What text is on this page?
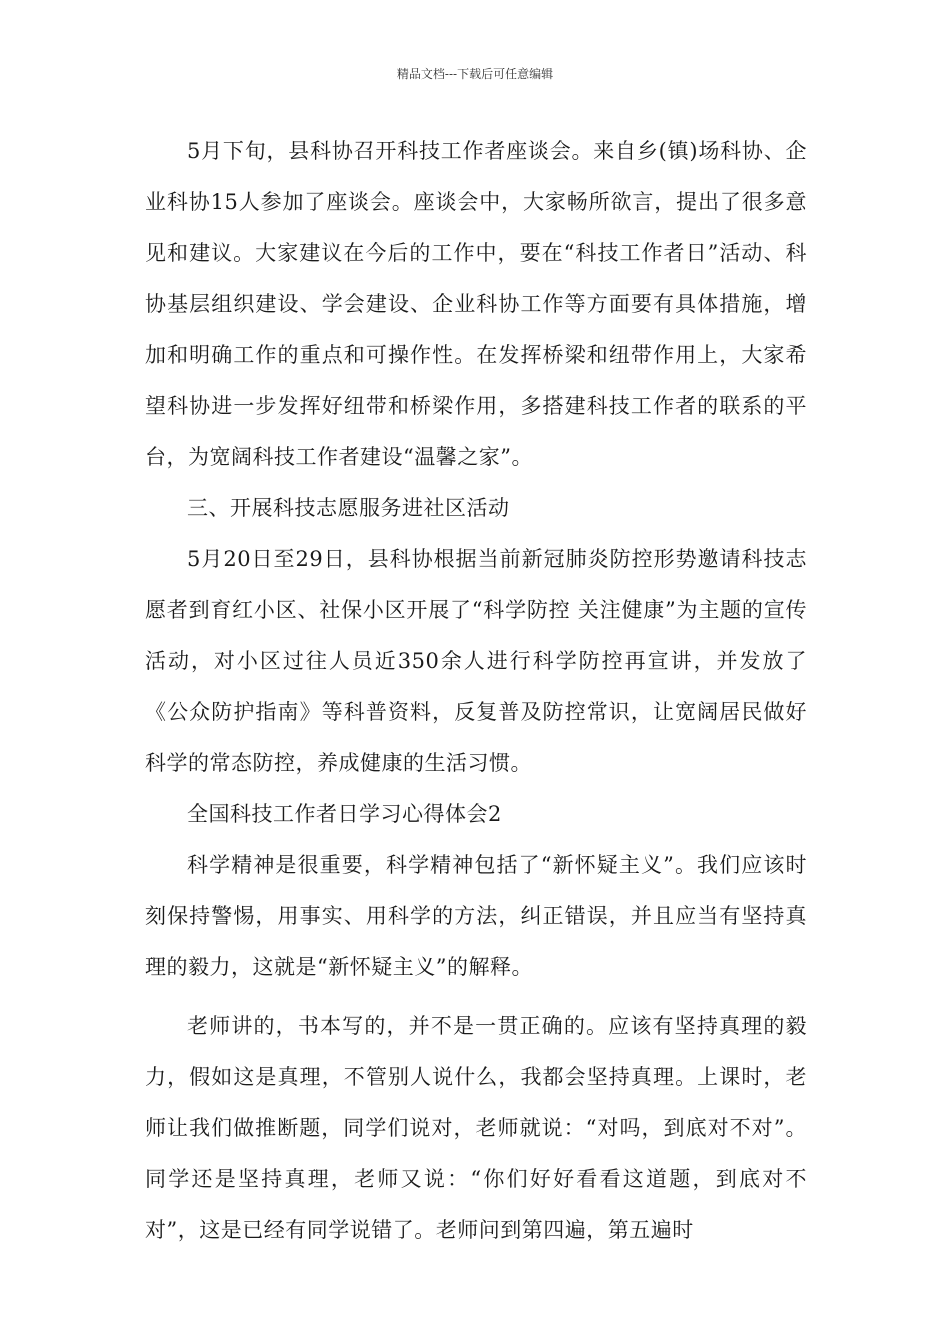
精品文档---下载后可任意编辑

5月下旬，县科协召开科技工作者座谈会。来自乡(镇)场科协、企业科协15人参加了座谈会。座谈会中，大家畅所欲言，提出了很多意见和建议。大家建议在今后的工作中，要在“科技工作者日”活动、科协基层组织建设、学会建设、企业科协工作等方面要有具体措施，增加和明确工作的重点和可操作性。在发挥桥梁和纽带作用上，大家希望科协进一步发挥好纽带和桥梁作用，多搭建科技工作者的联系的平台，为宽阔科技工作者建设“温馨之家”。

三、开展科技志愿服务进社区活动

5月20日至29日，县科协根据当前新冠肺炎防控形势邀请科技志愿者到育红小区、社保小区开展了“科学防控 关注健康”为主题的宣传活动，对小区过往人员近350余人进行科学防控再宣讲，并发放了《公众防护指南》等科普资料，反复普及防控常识，让宽阔居民做好科学的常态防控，养成健康的生活习惯。

全国科技工作者日学习心得体会2

科学精神是很重要，科学精神包括了“新怀疑主义”。我们应该时刻保持警惕，用事实、用科学的方法，纠正错误，并且应当有坚持真理的毅力，这就是“新怀疑主义”的解释。

老师讲的，书本写的，并不是一贯正确的。应该有坚持真理的毅力，假如这是真理，不管别人说什么，我都会坚持真理。上课时，老师让我们做推断题，同学们说对，老师就说：“对吗，到底对不对”。同学还是坚持真理，老师又说：“你们好好看看这道题，到底对不对”，这是已经有同学说错了。老师问到第四遍，第五遍时
